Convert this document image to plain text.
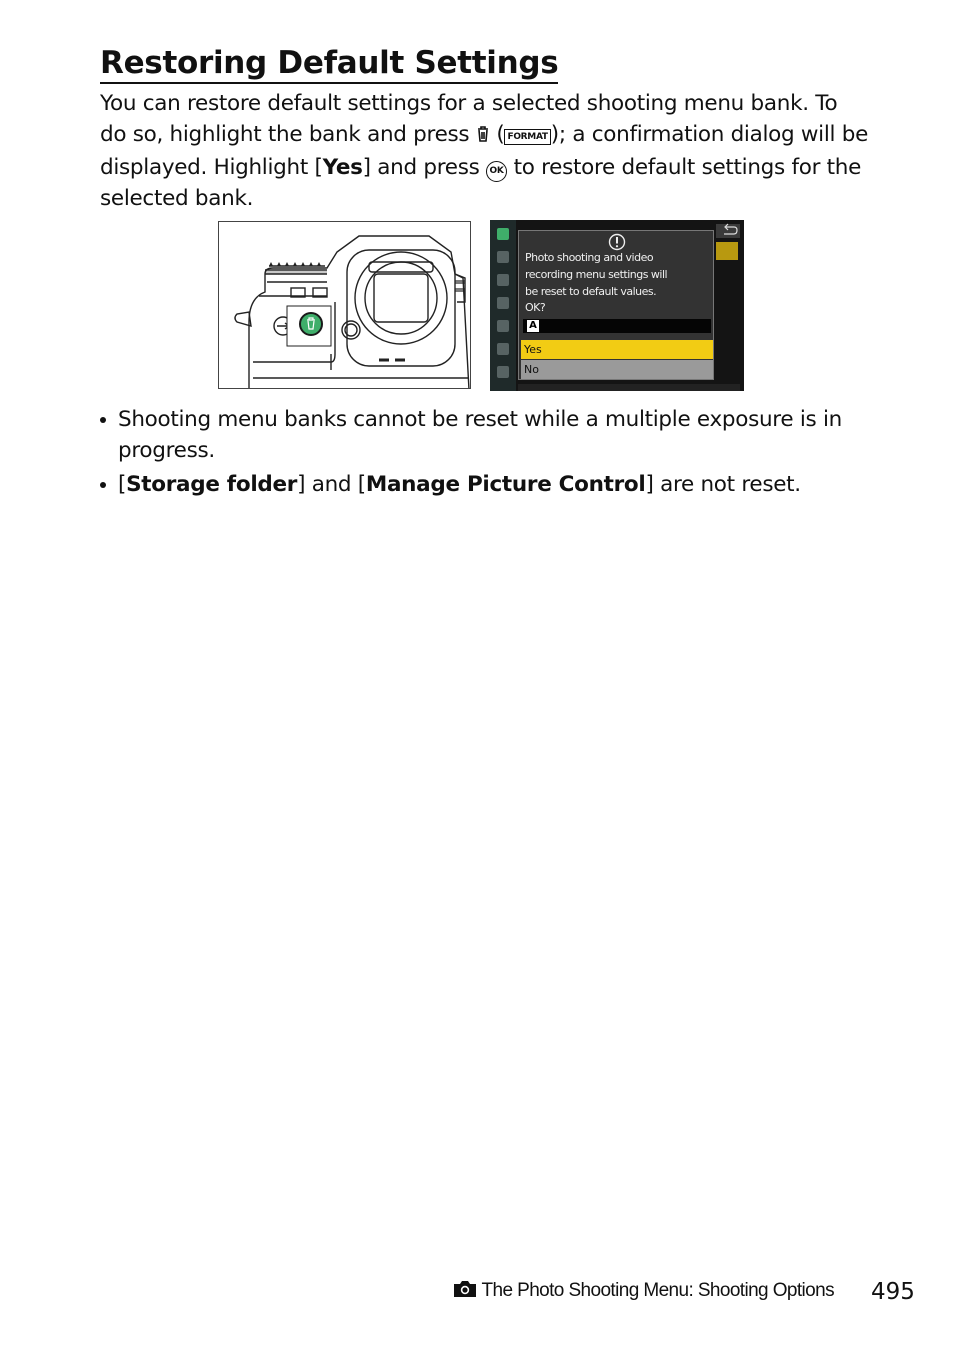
Restoring Default Settings

You can restore default settings for a selected shooting menu bank. To do so, highlight the bank and press  ( FORMAT ); a confirmation dialog will be displayed. Highlight [Yes] and press OK to restore default settings for the selected bank.

Photo shooting and video
recording menu settings will
be reset to default values.
OK?
A
Yes
No
Shooting menu banks cannot be reset while a multiple exposure is in progress.
[Storage folder] and [Manage Picture Control] are not reset.
The Photo Shooting Menu: Shooting Options 495
